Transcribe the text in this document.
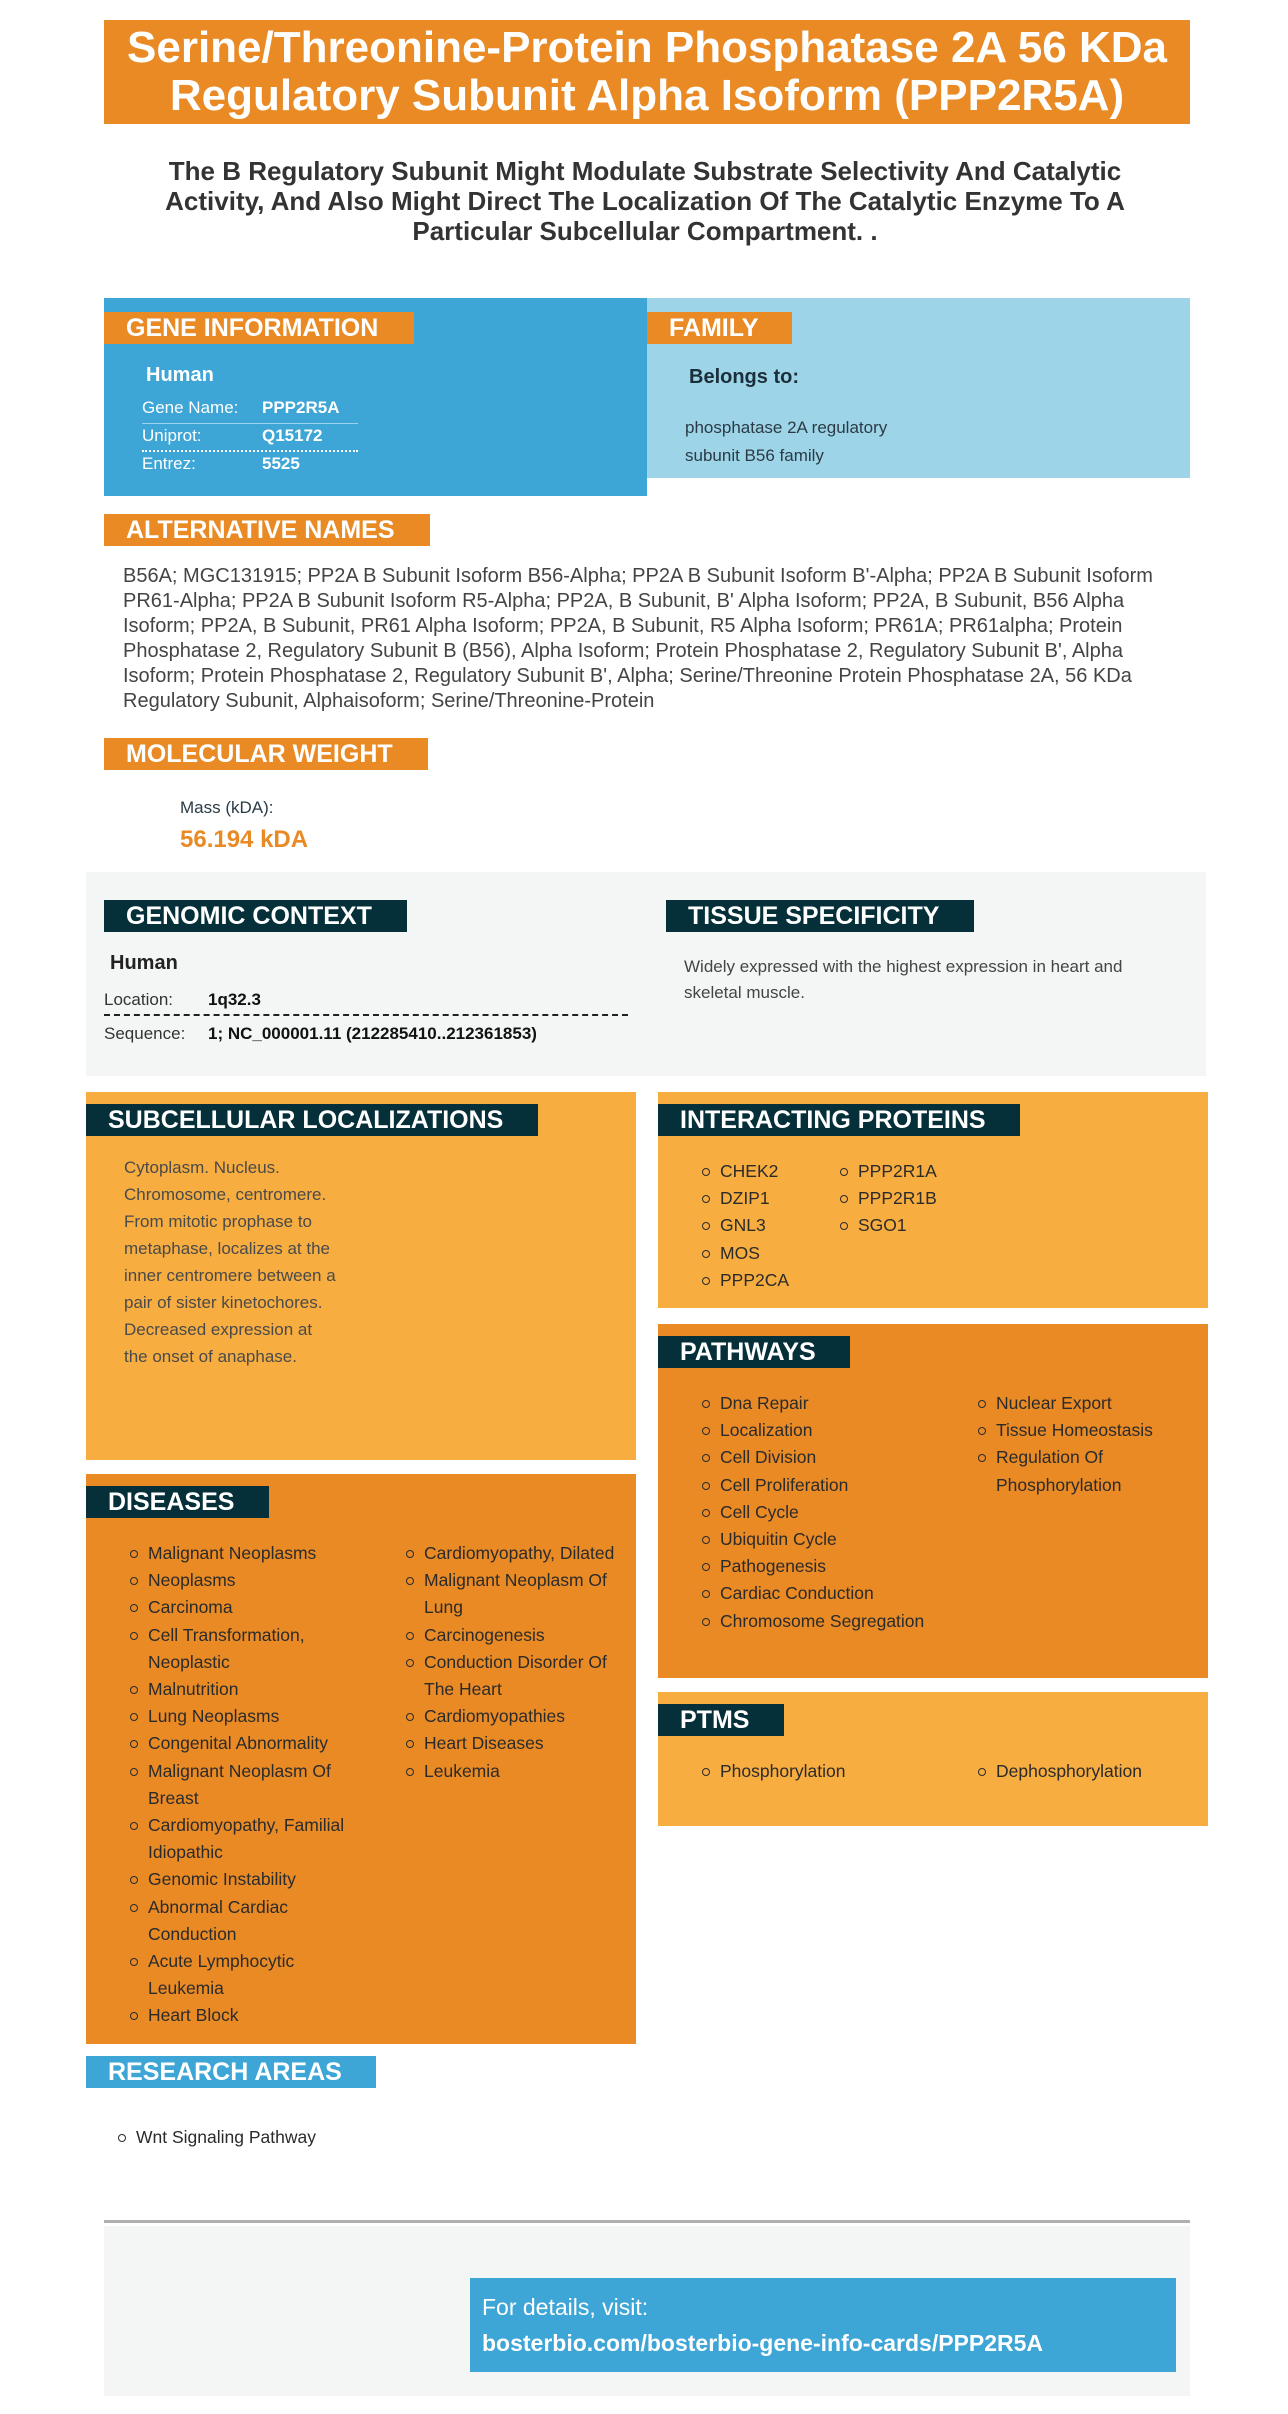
Serine/Threonine-Protein Phosphatase 2A 56 KDa Regulatory Subunit Alpha Isoform (PPP2R5A)
The B Regulatory Subunit Might Modulate Substrate Selectivity And Catalytic Activity, And Also Might Direct The Localization Of The Catalytic Enzyme To A Particular Subcellular Compartment. .
GENE INFORMATION
Human
Gene Name: PPP2R5A
Uniprot:	Q15172
Entrez:	5525
FAMILY
Belongs to:
phosphatase 2A regulatory
subunit B56 family
ALTERNATIVE NAMES
B56A; MGC131915; PP2A B Subunit Isoform B56-Alpha; PP2A B Subunit Isoform B'-Alpha; PP2A B Subunit Isoform PR61-Alpha; PP2A B Subunit Isoform R5-Alpha; PP2A, B Subunit, B' Alpha Isoform; PP2A, B Subunit, B56 Alpha Isoform; PP2A, B Subunit, PR61 Alpha Isoform; PP2A, B Subunit, R5 Alpha Isoform; PR61A; PR61alpha; Protein Phosphatase 2, Regulatory Subunit B (B56), Alpha Isoform; Protein Phosphatase 2, Regulatory Subunit B', Alpha Isoform; Protein Phosphatase 2, Regulatory Subunit B', Alpha; Serine/Threonine Protein Phosphatase 2A, 56 KDa Regulatory Subunit, Alphaisoform; Serine/Threonine-Protein
MOLECULAR WEIGHT
Mass (kDA):
56.194 kDA
GENOMIC CONTEXT
Human
Location: 1q32.3
Sequence: 1; NC_000001.11 (212285410..212361853)
TISSUE SPECIFICITY
Widely expressed with the highest expression in heart and skeletal muscle.
SUBCELLULAR LOCALIZATIONS
Cytoplasm. Nucleus. Chromosome, centromere. From mitotic prophase to metaphase, localizes at the inner centromere between a pair of sister kinetochores. Decreased expression at the onset of anaphase.
DISEASES
Malignant Neoplasms
Neoplasms
Carcinoma
Cell Transformation, Neoplastic
Malnutrition
Lung Neoplasms
Congenital Abnormality
Malignant Neoplasm Of Breast
Cardiomyopathy, Familial Idiopathic
Genomic Instability
Abnormal Cardiac Conduction
Acute Lymphocytic Leukemia
Heart Block
Cardiomyopathy, Dilated
Malignant Neoplasm Of Lung
Carcinogenesis
Conduction Disorder Of The Heart
Cardiomyopathies
Heart Diseases
Leukemia
INTERACTING PROTEINS
CHEK2
DZIP1
GNL3
MOS
PPP2CA
PPP2R1A
PPP2R1B
SGO1
PATHWAYS
Dna Repair
Localization
Cell Division
Cell Proliferation
Cell Cycle
Ubiquitin Cycle
Pathogenesis
Cardiac Conduction
Chromosome Segregation
Nuclear Export
Tissue Homeostasis
Regulation Of Phosphorylation
PTMS
Phosphorylation	Dephosphorylation
RESEARCH AREAS
Wnt Signaling Pathway
For details, visit:
bosterbio.com/bosterbio-gene-info-cards/PPP2R5A
